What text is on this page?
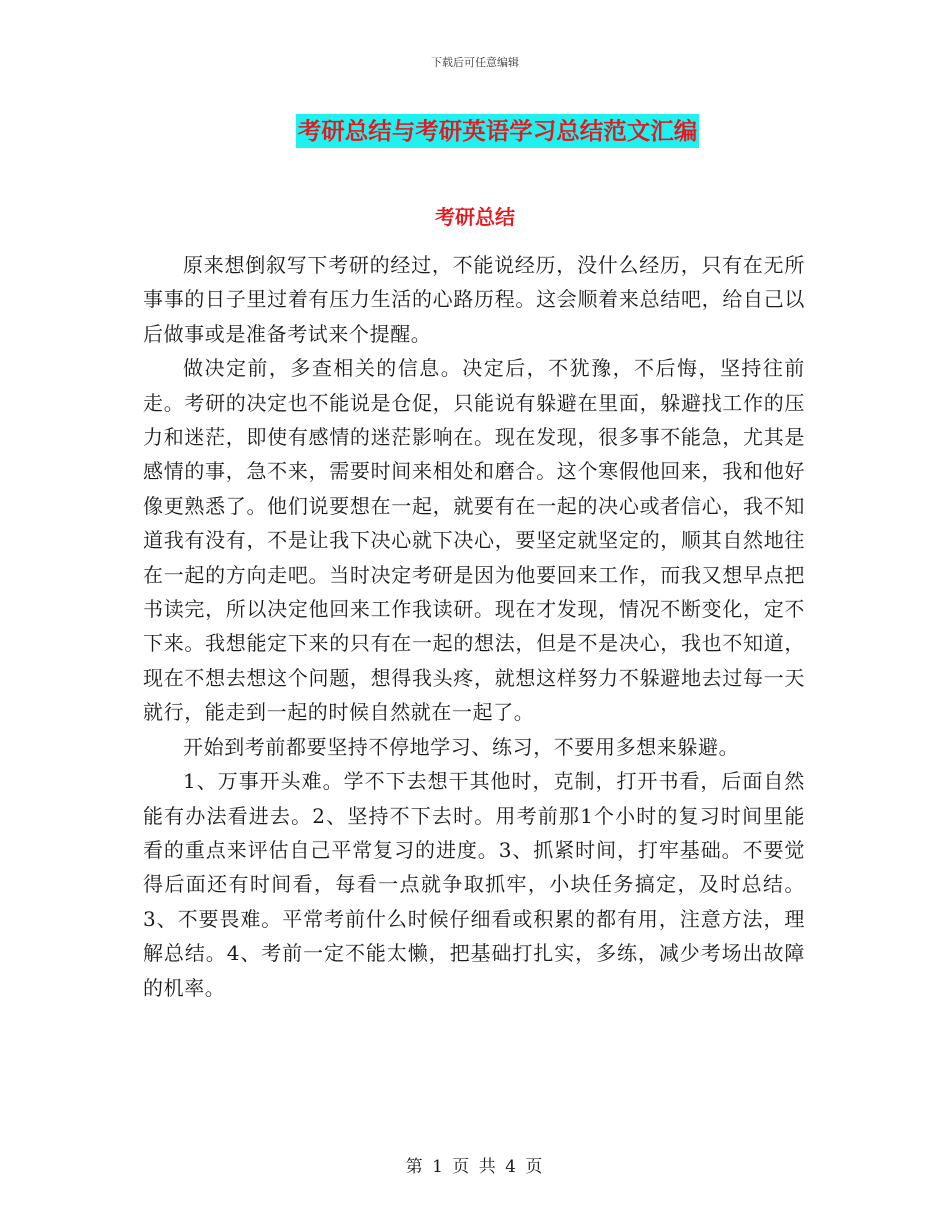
下载后可任意编辑
考研总结与考研英语学习总结范文汇编
考研总结

原来想倒叙写下考研的经过，不能说经历，没什么经历，只有在无所事事的日子里过着有压力生活的心路历程。这会顺着来总结吧，给自己以后做事或是准备考试来个提醒。

做决定前，多查相关的信息。决定后，不犹豫，不后悔，坚持往前走。考研的决定也不能说是仓促，只能说有躲避在里面，躲避找工作的压力和迷茫，即使有感情的迷茫影响在。现在发现，很多事不能急，尤其是感情的事，急不来，需要时间来相处和磨合。这个寒假他回来，我和他好像更熟悉了。他们说要想在一起，就要有在一起的决心或者信心，我不知道我有没有，不是让我下决心就下决心，要坚定就坚定的，顺其自然地往在一起的方向走吧。当时决定考研是因为他要回来工作，而我又想早点把书读完，所以决定他回来工作我读研。现在才发现，情况不断变化，定不下来。我想能定下来的只有在一起的想法，但是不是决心，我也不知道，现在不想去想这个问题，想得我头疼，就想这样努力不躲避地去过每一天就行，能走到一起的时候自然就在一起了。

开始到考前都要坚持不停地学习、练习，不要用多想来躲避。

1、万事开头难。学不下去想干其他时，克制，打开书看，后面自然能有办法看进去。2、坚持不下去时。用考前那1个小时的复习时间里能看的重点来评估自己平常复习的进度。3、抓紧时间，打牢基础。不要觉得后面还有时间看，每看一点就争取抓牢，小块任务搞定，及时总结。3、不要畏难。平常考前什么时候仔细看或积累的都有用，注意方法，理解总结。4、考前一定不能太懒，把基础打扎实，多练，减少考场出故障的机率。

第 1 页 共 4 页
